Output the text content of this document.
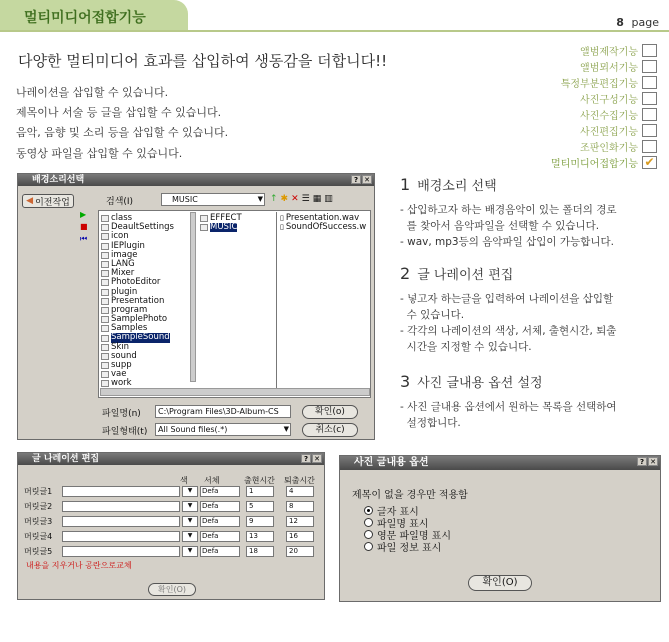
멀티미디어접합기능	8 page
다양한 멀티미디어 효과를 삽입하여 생동감을 더합니다!!
나레이션을 삽입할 수 있습니다.
제목이나 서술 등 글을 삽입할 수 있습니다.
음악, 음향 및 소리 등을 삽입할 수 있습니다.
동영상 파일을 삽입할 수 있습니다.
앨범제작기능
앨범뫼서기능
특정부분편집기능
사진구성기능
사진수집기능
사진편집기능
조판인화기능
멀티미디어접합기능 ✔
배경소리선택	? ✕
◀ 이전작업
▶
■
⏮
검색(I)	MUSIC	▼ ↑ ✱ ✕ ☰ ▦ ▥
class
DeaultSettings
icon
IEPlugin
image
LANG
Mixer
PhotoEditor
plugin
Presentation
program
SamplePhoto
Samples
SampleSound
Skin
sound
supp
vae
work
EFFECT
MUSIC
▯ Presentation.wav
▯ SoundOfSuccess.w
파일명(n)	C:\Program Files\3D-Album-CS
파일형태(t)	All Sound files(.*)	▼
확인(o)
취소(c)
1 배경소리 선택
- 삽입하고자 하는 배경음악이 있는 폴더의 경로
를 찾아서 음악파일을 선택할 수 있습니다.
- wav, mp3등의 음악파일 삽입이 가능합니다.
2 글 나레이션 편집
- 넣고자 하는글을 입력하여 나레이션을 삽입할
수 있습니다.
- 각각의 나레이션의 색상, 서체, 출현시간, 퇴출
시간을 지정할 수 있습니다.
3 사진 글내용 옵션 설정
- 사진 글내용 옵션에서 원하는 목록을 선택하여
설정합니다.
글 나레이션 편집	? ✕
색 서체	출현시간 퇴출시간
머릿글1	▼	Defa	1	4
머릿글2	▼	Defa	5	8
머릿글3	▼	Defa	9	12
머릿글4	▼	Defa	13	16
머릿글5	▼	Defa	18	20
내용을 지우거나 공란으로교체
확인(O)
사진 글내용 옵션	? ✕
제목이 없을 경우만 적용함
글자 표시
파일명 표시
영문 파일명 표시
파일 정보 표시
확인(O)
